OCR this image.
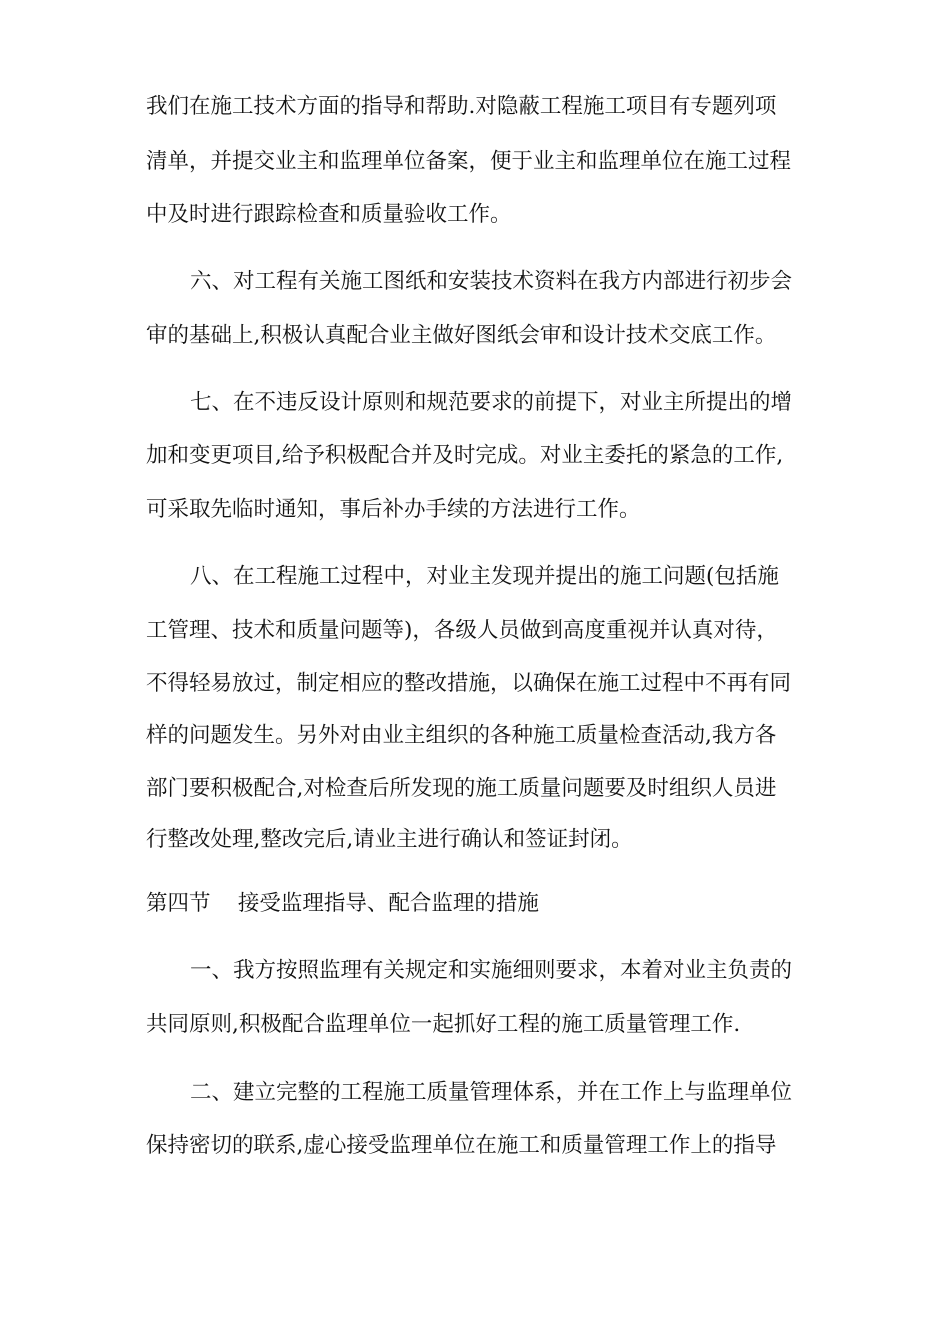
我们在施工技术方面的指导和帮助.对隐蔽工程施工项目有专题列项
清单，并提交业主和监理单位备案，便于业主和监理单位在施工过程
中及时进行跟踪检查和质量验收工作。
六、对工程有关施工图纸和安装技术资料在我方内部进行初步会
审的基础上,积极认真配合业主做好图纸会审和设计技术交底工作。
七、在不违反设计原则和规范要求的前提下，对业主所提出的增
加和变更项目,给予积极配合并及时完成。对业主委托的紧急的工作,
可采取先临时通知，事后补办手续的方法进行工作。
八、在工程施工过程中，对业主发现并提出的施工问题(包括施
工管理、技术和质量问题等)，各级人员做到高度重视并认真对待，
不得轻易放过，制定相应的整改措施，以确保在施工过程中不再有同
样的问题发生。另外对由业主组织的各种施工质量检查活动,我方各
部门要积极配合,对检查后所发现的施工质量问题要及时组织人员进
行整改处理,整改完后,请业主进行确认和签证封闭。
第四节    接受监理指导、配合监理的措施
一、我方按照监理有关规定和实施细则要求，本着对业主负责的
共同原则,积极配合监理单位一起抓好工程的施工质量管理工作.
二、建立完整的工程施工质量管理体系，并在工作上与监理单位
保持密切的联系,虚心接受监理单位在施工和质量管理工作上的指导
